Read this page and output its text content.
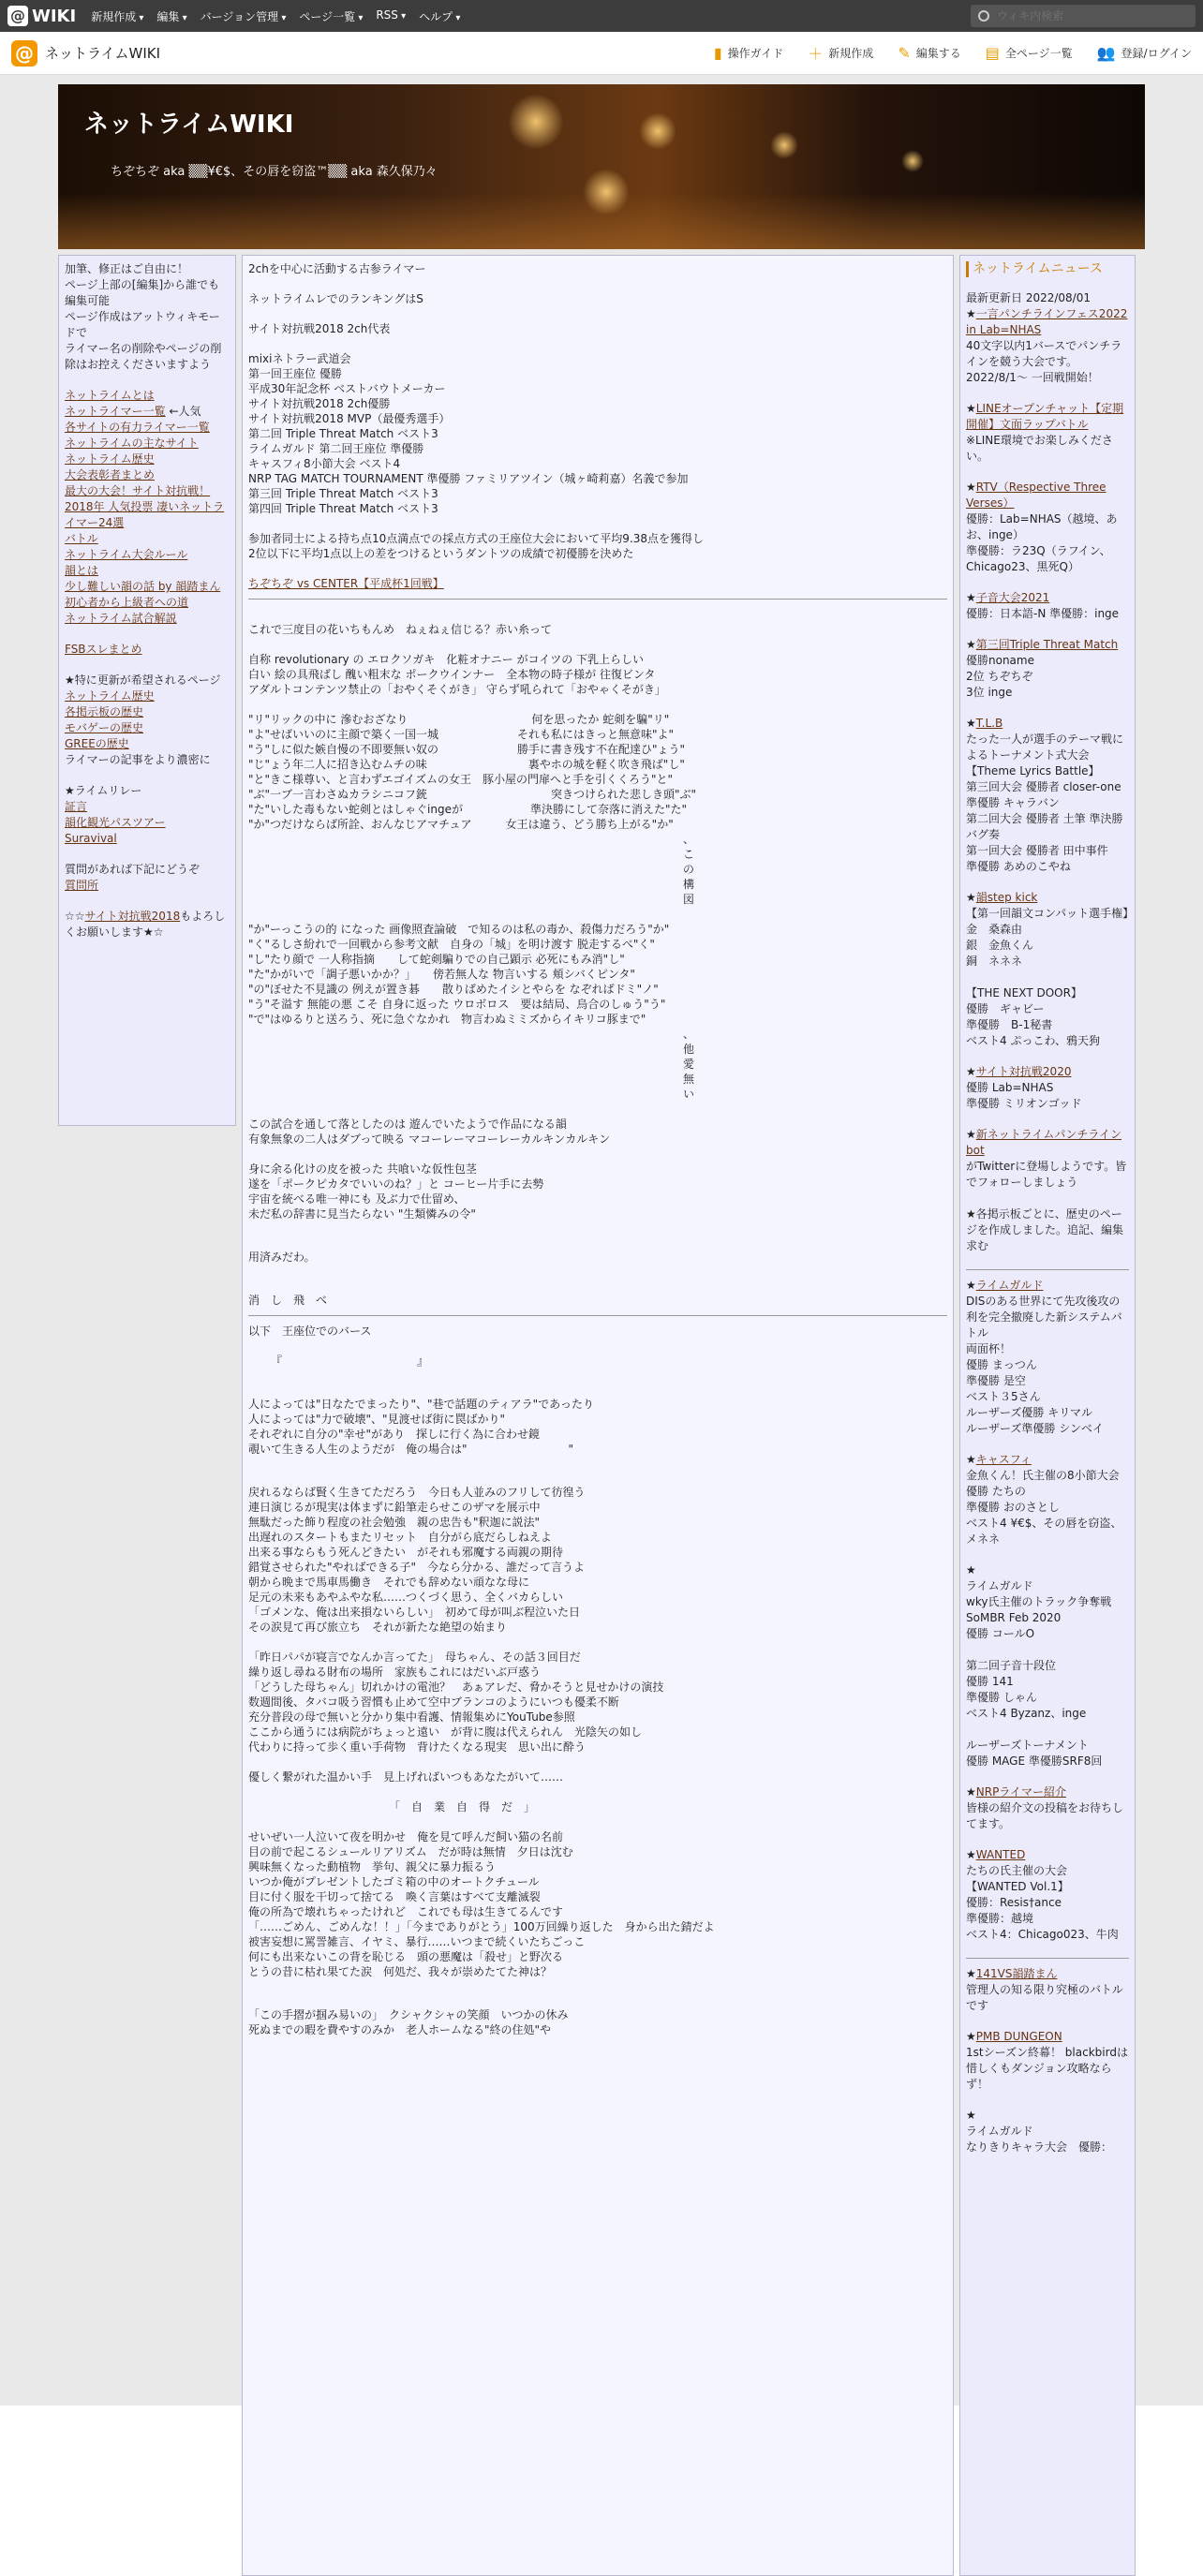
@ WIKI 新規作成 ▾	編集 ▾	バージョン管理 ▾	ページ一覧 ▾	RSS ▾	ヘルプ ▾
ウィキ内検索
@ ネットライムWIKI	▮ 操作ガイド ＋ 新規作成 ✎ 編集する ▤ 全ページ一覧 👥 登録/ログイン
ネットライムWIKI
ちぞちぞ aka ▒▒¥€$、その唇を窃盗™▒▒ aka 森久保乃々
加筆、修正はご自由に！
ページ上部の[編集]から誰でも編集可能
ページ作成はアットウィキモードで
ライマー名の削除やページの削除はお控えくださいますよう
ネットライムとは
ネットライマー一覧 ←人気
各サイトの有力ライマー一覧
ネットライムの主なサイト
ネットライム歴史
大会表彰者まとめ
最大の大会！サイト対抗戦！
2018年 人気投票 凄いネットライマー24選
バトル
ネットライム大会ルール
韻とは
少し難しい韻の話 by 韻踏まん
初心者から上級者への道
ネットライム試合解説
FSBスレまとめ
★特に更新が希望されるページ
ネットライム歴史
各掲示板の歴史
モバゲーの歴史
GREEの歴史
ライマーの記事をより濃密に
★ライムリレー
証言
韻化観光パスツアー
Suravival
質問があれば下記にどうぞ
質問所
☆☆サイト対抗戦2018もよろしくお願いします★☆
2chを中心に活動する古参ライマー

ネットライムレでのランキングはS

サイト対抗戦2018 2ch代表

mixiネトラー武道会
第一回王座位 優勝
平成30年記念杯 ベストバウトメーカー
サイト対抗戦2018 2ch優勝
サイト対抗戦2018 MVP（最優秀選手）
第二回 Triple Threat Match ベスト3
ライムガルド 第二回王座位 準優勝
キャスフィ8小節大会 ベスト4
NRP TAG MATCH TOURNAMENT 準優勝 ファミリアツイン（城ヶ崎莉嘉）名義で参加
第三回 Triple Threat Match ベスト3
第四回 Triple Threat Match ベスト3

参加者同士による持ち点10点満点での採点方式の王座位大会において平均9.38点を獲得し
2位以下に平均1点以上の差をつけるというダントツの成績で初優勝を決めた
ちぞちぞ vs CENTER【平成杯1回戦】
これで三度目の花いちもんめ　ねぇねぇ信じる？赤い糸って

自称 revolutionary の エロクソガキ　化粧オナニー がコイツの 下乳上らしい
白い 絵の具飛ばし 醜い粗末な ポークウインナー　全本物の時子様が 往復ビンタ
アダルトコンテンツ禁止の「おやくそくがき」 守らず吼られて「おやゃくそがき」

"リ"リックの中に 滲むおざなり　　　　　　　　　　　何を思ったか 蛇剣を騙"リ"
"よ"せばいいのに主顔で築く一国一城　　　　　　　それも私にはきっと無意味"よ"
"う"しに似た嫉自慢の不即要無い奴の　　　　　　　勝手に書き残す不在配達ひ"ょう"
"じ"ょう年二人に招き込むムチの味　　　　　　　　　裏やホの城を軽く吹き飛ば"し"
"と"きこ様尊い、と言わずエゴイズムの女王　豚小屋の門扉へと手を引くくろう"と"
"ぶ"一ブ一言わさぬカラシニコフ銃　　　　　　　　　　　突きつけられた悲しき頭"ぶ"
"た"いした毒もない蛇剣とはしゃぐingeが　　　　　　準決勝にして奈落に消えた"た"
"か"つだけならば所詮、おんなじアマチュア　　　女王は違う、どう勝ち上がる"か"
、
こ
の
構
図
"か"ーっこうの的 になった 画像照査論破　で知るのは私の毒か、殺傷力だろう"か"
"く"るしさ紛れで一回戦から参考文献　自身の「城」を明け渡す 脱走するべ"く"
"し"たり顔で 一人称指摘　　して蛇剣騙りでの自己顕示 必死にもみ消"し"
"た"かがいで「調子悪いかか？」　　傍若無人な 物言いする 頬シバくピンタ"
"の"ぼせた不見識の 例えが置き碁　　散りばめたイシとやらを なぞればドミ"ノ"
"う"そ溢す 無能の悪 こそ 自身に返った ウロボロス　要は結局、烏合のしゅう"う"
"で"はゆるりと送ろう、死に急ぐなかれ　物言わぬミミズからイキリコ豚まで"
、
他
愛
無
い
この試合を通して落としたのは 遊んでいたようで作品になる韻
有象無象の二人はダブって映る マコーレーマコーレーカルキンカルキン

身に余る化けの皮を被った 共喰いな仮性包茎
遂を「ポークピカタでいいのね？」と コーヒー片手に去勢
宇宙を統べる唯一神にも 及ぶ力で仕留め、
未だ私の辞書に見当たらない "生類憐みの令"
用済みだわ。
消　し　飛　べ
以下　王座位でのバース
『　　　　　　　　　　　　』
人によっては"日なたでまったり"、"巷で話題のティアラ"であったり
人によっては"力で破壊"、"見渡せば街に罠ばかり"
それぞれに自分の"幸せ"があり　探しに行く為に合わせ鏡
覗いて生きる人生のようだが　俺の場合は"　　　　　　　　　"
戻れるならば賢く生きてただろう　今日も人並みのフリして彷徨う
連日演じるが現実は体まずに鉛筆走らせこのザマを展示中
無駄だった飾り程度の社会勉強　親の忠告も"釈迦に説法"
出遅れのスタートもまたリセット　自分がら底だらしねえよ
出来る事ならもう死んどきたい　がそれも邪魔する両親の期待
錯覚させられた"やればできる子"　今なら分かる、誰だって言うよ
朝から晩まで馬車馬働き　それでも辞めない頑なな母に
足元の未来もあやふやな私……つくづく思う、全くバカらしい
「ゴメンな、俺は出来損ないらしい」　初めて母が叫ぶ程泣いた日
その涙見て再び旅立ち　それが新たな絶望の始まり
「昨日パパが寝言でなんか言ってた」　母ちゃん、その話３回目だ
繰り返し尋ねる財布の場所　家族もこれにはだいぶ戸惑う
「どうした母ちゃん」切れかけの電池？　あぁアレだ、脅かそうと見せかけの演技
数週間後、タバコ吸う習慣も止めて空中ブランコのようにいつも優柔不断
充分普段の母で無いと分かり集中看護、情報集めにYouTube参照
ここから通うには病院がちょっと遠い　が背に腹は代えられん　光陰矢の如し
代わりに持って歩く重い手荷物　背けたくなる現実　思い出に酔う

優しく繋がれた温かい手　見上げればいつもあなたがいて……
「　自　業　自　得　だ　」
せいぜい一人泣いて夜を明かせ　俺を見て呼んだ飼い猫の名前
目の前で起こるシュールリアリズム　だが時は無情　夕日は沈む
興味無くなった動植物　挙句、親父に暴力振るう
いつか俺がプレゼントしたゴミ箱の中のオートクチュール
目に付く服を干切って捨てる　喚く言葉はすべて支離滅裂
俺の所為で壊れちゃったけれど　これでも母は生きてるんです
「……ごめん、ごめんな！！」「今までありがとう」100万回繰り返した　身から出た錆だよ
被害妄想に罵詈雑言、イヤミ、暴行……いつまで続くいたちごっこ
何にも出来ないこの背を恥じる　頭の悪魔は「殺せ」と野次る
とうの昔に枯れ果てた涙　何処だ、我々が崇めたてた神は？
「この手摺が掴み易いの」　クシャクシャの笑顔　いつかの休み
死ぬまでの暇を費やすのみか　老人ホームなる"終の住処"や
ネットライムニュース
最新更新日 2022/08/01
★一言パンチラインフェス2022 in Lab=NHAS
40文字以内1バースでパンチラインを競う大会です。
2022/8/1〜 一回戦開始！
★LINEオープンチャット【定期開催】文面ラップバトル
※LINE環境でお楽しみください。
★RTV（Respective Three Verses）
優勝：Lab=NHAS（越境、あお、inge）
準優勝：ラ23Q（ラフイン、Chicago23、黒死Q）
★子音大会2021
優勝：日本語-N 準優勝：inge
★第三回Triple Threat Match
優勝noname
2位 ちぞちぞ
3位 inge
★T.L.B
たった一人が選手のテーマ戦によるトーナメント式大会【Theme Lyrics Battle】
第三回大会 優勝者 closer-one　準優勝 キャラバン
第二回大会 優勝者 土筆 準決勝 バグ奏
第一回大会 優勝者 田中事件　準優勝 あめのこやね
★韻step kick
【第一回韻文コンパット選手権】
金　桑森由
銀　金魚くん
銅　ネネネ

【THE NEXT DOOR】
優勝　ギャビー
準優勝　B-1秘書
ベスト4 ぷっこわ、鴉天狗
★サイト対抗戦2020
優勝 Lab=NHAS
準優勝 ミリオンゴッド
★新ネットライムパンチラインbot
がTwitterに登場しようです。皆でフォローしましょう

★各掲示板ごとに、歴史のページを作成しました。追記、編集求む
★ライムガルド
DISのある世界にて先攻後攻の利を完全撤廃した新システムバトル
両面杯！
優勝 まっつん
準優勝 是空
ベスト３5さん
ルーザーズ優勝 キリマル
ルーザーズ準優勝 シンベイ
★キャスフィ
金魚くん！氏主催の8小節大会
優勝 たちの
準優勝 おのさとし
ベスト4 ¥€$、その唇を窃盗、メネネ
★
ライムガルド
wky氏主催のトラック争奪戦SoMBR Feb 2020
優勝 コールO

第二回子音十段位
優勝 141
準優勝 しゃん
ベスト4 Byzanz、inge

ルーザーズトーナメント
優勝 MAGE 準優勝SRF8回
★NRPライマー紹介
皆様の紹介文の投稿をお待ちしてます。
★WANTED
たちの氏主催の大会
【WANTED Vol.1】
優勝：Resis†ance
準優勝：越境
ベスト4：Chicago023、牛肉
★141VS韻踏まん
管理人の知る限り究極のバトルです
★PMB DUNGEON
1stシーズン終幕！ blackbirdは惜しくもダンジョン攻略ならず！
★
ライムガルド
なりきりキャラ大会　優勝：
